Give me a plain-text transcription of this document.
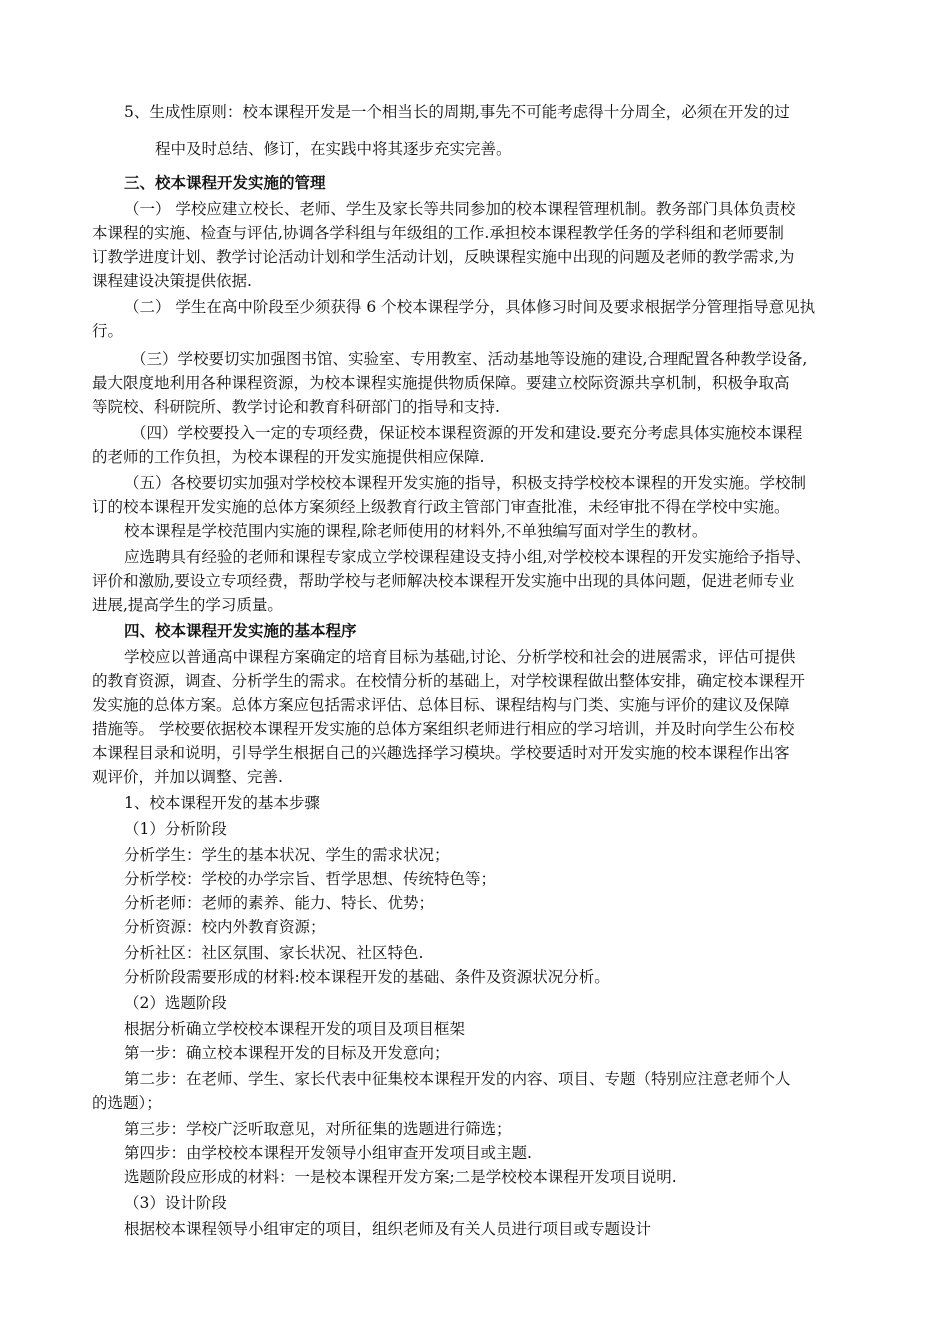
5、生成性原则：校本课程开发是一个相当长的周期,事先不可能考虑得十分周全，必须在开发的过
程中及时总结、修订，在实践中将其逐步充实完善。
三、校本课程开发实施的管理
（一） 学校应建立校长、老师、学生及家长等共同参加的校本课程管理机制。教务部门具体负责校
本课程的实施、检查与评估,协调各学科组与年级组的工作.承担校本课程教学任务的学科组和老师要制
订教学进度计划、教学讨论活动计划和学生活动计划，反映课程实施中出现的问题及老师的教学需求,为
课程建设决策提供依据.
（二） 学生在高中阶段至少须获得 6 个校本课程学分，具体修习时间及要求根据学分管理指导意见执
行。
（三）学校要切实加强图书馆、实验室、专用教室、活动基地等设施的建设,合理配置各种教学设备,
最大限度地利用各种课程资源，为校本课程实施提供物质保障。要建立校际资源共享机制，积极争取高
等院校、科研院所、教学讨论和教育科研部门的指导和支持.
（四）学校要投入一定的专项经费，保证校本课程资源的开发和建设.要充分考虑具体实施校本课程
的老师的工作负担，为校本课程的开发实施提供相应保障.
（五）各校要切实加强对学校校本课程开发实施的指导，积极支持学校校本课程的开发实施。学校制
订的校本课程开发实施的总体方案须经上级教育行政主管部门审查批准，未经审批不得在学校中实施。
校本课程是学校范围内实施的课程,除老师使用的材料外,不单独编写面对学生的教材。
应选聘具有经验的老师和课程专家成立学校课程建设支持小组,对学校校本课程的开发实施给予指导、
评价和激励,要设立专项经费，帮助学校与老师解决校本课程开发实施中出现的具体问题，促进老师专业
进展,提高学生的学习质量。
四、校本课程开发实施的基本程序
学校应以普通高中课程方案确定的培育目标为基础,讨论、分析学校和社会的进展需求，评估可提供
的教育资源，调查、分析学生的需求。在校情分析的基础上，对学校课程做出整体安排，确定校本课程开
发实施的总体方案。总体方案应包括需求评估、总体目标、课程结构与门类、实施与评价的建议及保障
措施等。 学校要依据校本课程开发实施的总体方案组织老师进行相应的学习培训，并及时向学生公布校
本课程目录和说明，引导学生根据自己的兴趣选择学习模块。学校要适时对开发实施的校本课程作出客
观评价，并加以调整、完善.
1、校本课程开发的基本步骤
（1）分析阶段
分析学生：学生的基本状况、学生的需求状况；
分析学校：学校的办学宗旨、哲学思想、传统特色等；
分析老师：老师的素养、能力、特长、优势；
分析资源：校内外教育资源；
分析社区：社区氛围、家长状况、社区特色.
分析阶段需要形成的材料:校本课程开发的基础、条件及资源状况分析。
（2）选题阶段
根据分析确立学校校本课程开发的项目及项目框架
第一步：确立校本课程开发的目标及开发意向；
第二步：在老师、学生、家长代表中征集校本课程开发的内容、项目、专题（特别应注意老师个人
的选题）；
第三步：学校广泛听取意见，对所征集的选题进行筛选；
第四步：由学校校本课程开发领导小组审查开发项目或主题.
选题阶段应形成的材料：一是校本课程开发方案;二是学校校本课程开发项目说明.
（3）设计阶段
根据校本课程领导小组审定的项目，组织老师及有关人员进行项目或专题设计
